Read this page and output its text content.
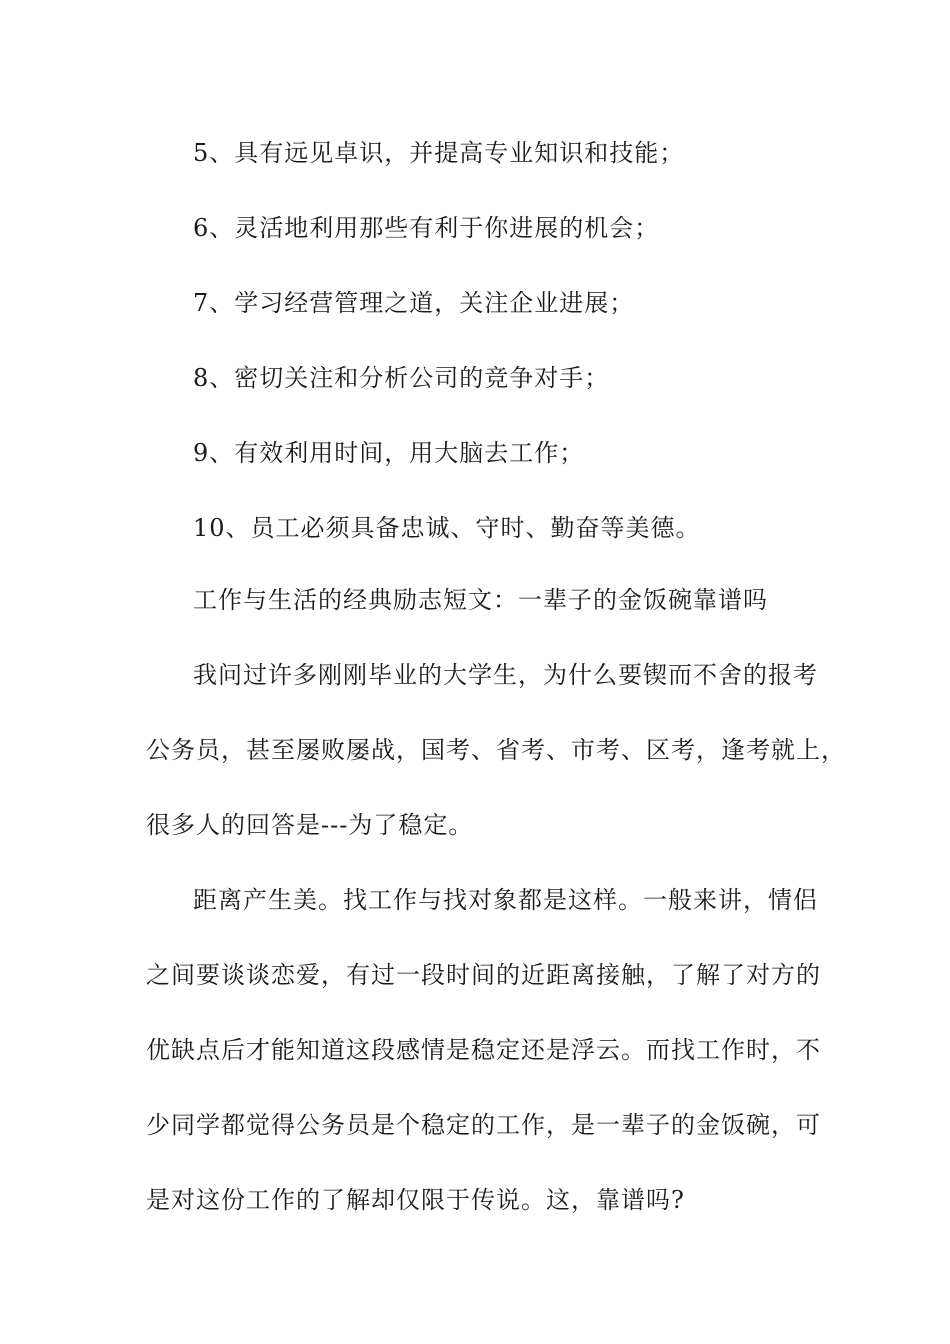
5、具有远见卓识，并提高专业知识和技能；
6、灵活地利用那些有利于你进展的机会；
7、学习经营管理之道，关注企业进展；
8、密切关注和分析公司的竞争对手；
9、有效利用时间，用大脑去工作；
10、员工必须具备忠诚、守时、勤奋等美德。
工作与生活的经典励志短文：一辈子的金饭碗靠谱吗
我问过许多刚刚毕业的大学生，为什么要锲而不舍的报考
公务员，甚至屡败屡战，国考、省考、市考、区考，逢考就上，
很多人的回答是---为了稳定。
距离产生美。找工作与找对象都是这样。一般来讲，情侣
之间要谈谈恋爱，有过一段时间的近距离接触，了解了对方的
优缺点后才能知道这段感情是稳定还是浮云。而找工作时，不
少同学都觉得公务员是个稳定的工作，是一辈子的金饭碗，可
是对这份工作的了解却仅限于传说。这，靠谱吗?
